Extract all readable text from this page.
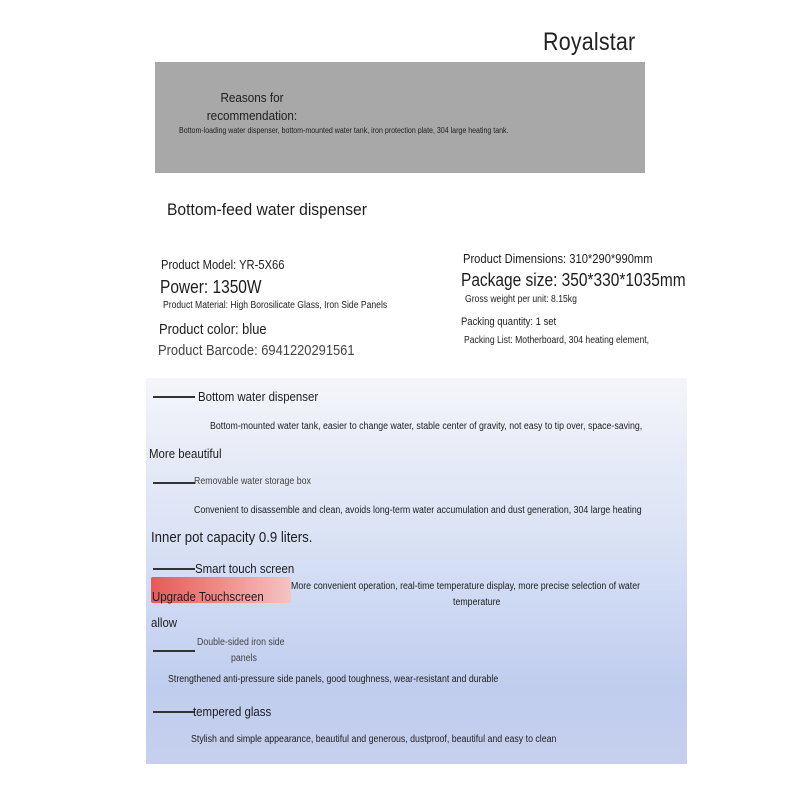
Royalstar
Reasons for recommendation:
Bottom-loading water dispenser, bottom-mounted water tank, iron protection plate, 304 large heating tank.
Bottom-feed water dispenser
Product Model: YR-5X66
Power: 1350W
Product Material: High Borosilicate Glass, Iron Side Panels
Product color: blue
Product Barcode: 6941220291561
Product Dimensions: 310*290*990mm
Package size: 350*330*1035mm
Gross weight per unit: 8.15kg
Packing quantity: 1 set
Packing List: Motherboard, 304 heating element,
Bottom water dispenser
Bottom-mounted water tank, easier to change water, stable center of gravity, not easy to tip over, space-saving,
More beautiful
Removable water storage box
Convenient to disassemble and clean, avoids long-term water accumulation and dust generation, 304 large heating
Inner pot capacity 0.9 liters.
Smart touch screen
More convenient operation, real-time temperature display, more precise selection of water
temperature
Upgrade Touchscreen
allow
Double-sided iron side
panels
Strengthened anti-pressure side panels, good toughness, wear-resistant and durable
tempered glass
Stylish and simple appearance, beautiful and generous, dustproof, beautiful and easy to clean
